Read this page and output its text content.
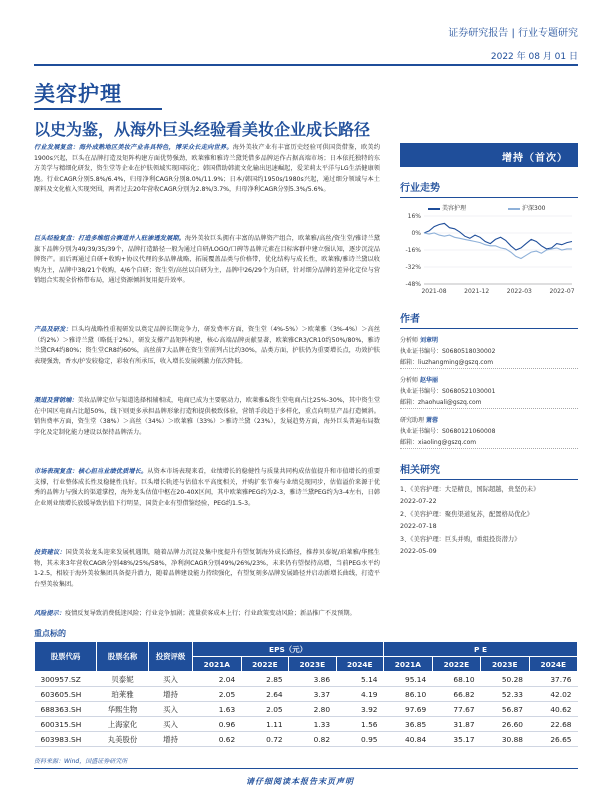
证券研究报告 | 行业专题研究
2022 年 08 月 01 日
美容护理
以史为鉴，从海外巨头经验看美妆企业成长路径

行业发展复盘：海外成熟地区美妆产业各具特色，博采众长走向世界。海外美妆产业有丰富历史经验可供国货借鉴，欧美约1900s兴起，巨头在品牌打造及矩阵构建方面优势强劲，欧莱雅和雅诗兰黛凭借多品牌运作占据高端市场；日本依托独特的东方美学与精细化研发，资生堂等企业在护肤领域实现国际化；韩国借助韩流文化输出迅速崛起，爱茉莉太平洋与LG生活健康领跑。行业CAGR分别5.8%/6.4%，归母净利CAGR分别8.0%/11.9%；日本/韩国约1950s/1980s兴起，通过细分领域与本土原料及文化植入实现突围，两者过去20年营收CAGR分别为2.8%/3.7%，归母净利CAGR分别5.3%/5.6%。

巨头经验复盘：打造多维组合赛道并入驻渗透发展期。海外美妆巨头拥有丰富的品牌资产组合，欧莱雅/高丝/资生堂/雅诗兰黛旗下品牌分别为49/39/35/39个，品牌打造路径一般为通过自研/LOGO/口碑等品牌元素在目标客群中建立强认知，逐步沉淀品牌资产。而后再通过自研+收购+协议代理的多品牌战略，拓展覆盖品类与价格带，优化结构与成长性，欧莱雅/雅诗兰黛以收购为主，品牌中38/21个收购，4/6个自研；资生堂/高丝以自研为主，品牌中26/29个为自研，针对细分品牌的差异化定位与营销组合实现全价格带布局，通过资源倾斜复用提升效率。

产品及研发：巨头均战略性重视研发以奠定品牌长期竞争力，研发费率方面，资生堂（4%-5%）＞欧莱雅（3%-4%）＞高丝（约2%）＞雅诗兰黛（略低于2%），研发支撑产品矩阵构建，核心高端品牌贡献显著，欧莱雅CR3/CR10约50%/80%，雅诗兰黛CR4约80%；资生堂CR8约60%，高丝前7大品牌在资生堂前列占比约30%，品类方面，护肤仍为重要增长点，功效护肤表现强劲，香水/护发较稳定，彩妆有所承压，收入增长发展刺激力依次降低。

渠道及营销端：美妆品牌定位与渠道选择相辅相成，电商已成为主要驱动力，欧莱雅&资生堂电商占比25%-30%，其中资生堂在中国区电商占比超50%，线下则更多承担品牌形象打造和提供极致体验，营销手段趋于多样化，重点向明星产品打造倾斜。销售费率方面，资生堂（38%）＞高丝（34%）＞欧莱雅（33%）＞雅诗兰黛（23%），发展趋势方面，海外巨头普遍布局数字化及定制化能力建设以保持品牌活力。

市场表现复盘：核心担当业绩优质增长。从资本市场表现来看，业绩增长的稳健性与质量共同构成估值提升和市值增长的重要支撑，行业整体成长性及稳健性良好。巨头增长轨迹与估值水平高度相关，并购扩张节奏与业绩兑现同步，估值溢价来源于优秀的品牌力与强大的渠道掌控，海外龙头估值中枢在20-40X区间，其中欧莱雅PEG约为2-3，雅诗兰黛PEG约为3-4左右，日韩企业则业绩增长放缓导致估值下行明显，国货企业有望借鉴经验，PEG约1.5-3。

投资建议：国货美妆龙头迎来发展机遇期，随着品牌力沉淀及集中度提升有望复制海外成长路径，推荐贝泰妮/珀莱雅/华熙生物，其未来3年营收CAGR分别48%/25%/58%，净利润CAGR分别49%/26%/23%，未来仍有望保持高增，当前PEG水平约1-2.5，相较于海外美妆集团具备提升潜力，随着品牌建设能力持续强化，有望复刻多品牌发展路径并启动新增长曲线，打造平台型美妆集团。

风险提示：疫情反复导致消费低迷风险；行业竞争加剧；流量获客成本上行；行业政策变动风险；新品推广不及预期。

增持（首次）
行业走势
美容护理	沪深300
16%
0%
-16%
-32%
-48%
2021-08	2021-12	2022-03	2022-07
作者
分析师 刘章明
执业证书编号：S0680518030002
邮箱：liuzhangming@gszq.com
分析师 赵华丽
执业证书编号：S0680521030001
邮箱：zhaohuali@gszq.com
研究助理 萧蓉
执业证书编号：S0680121060008
邮箱：xiaoling@gszq.com
相关研究
1、《美容护理：大是精良，国际超越，贵坚仍未》
2022-07-22
2、《美容护理：聚焦渠道复苏，配置格局优化》
2022-07-18
3、《美容护理：巨头并购，重组投资潜力》
2022-05-09
重点标的
股票代码	股票名称	投资评级	EPS（元）				P E			
			2021A	2022E	2023E	2024E	2021A	2022E	2023E	2024E
300957.SZ	贝泰妮	买入	2.04	2.85	3.86	5.14	95.14	68.10	50.28	37.76
603605.SH	珀莱雅	增持	2.05	2.64	3.37	4.19	86.10	66.82	52.33	42.02
688363.SH	华熙生物	买入	1.63	2.05	2.80	3.92	97.69	77.67	56.87	40.62
600315.SH	上海家化	买入	0.96	1.11	1.33	1.56	36.85	31.87	26.60	22.68
603983.SH	丸美股份	增持	0.62	0.72	0.82	0.95	40.84	35.17	30.88	26.65
资料来源：Wind，国盛证券研究所
请仔细阅读本报告末页声明
